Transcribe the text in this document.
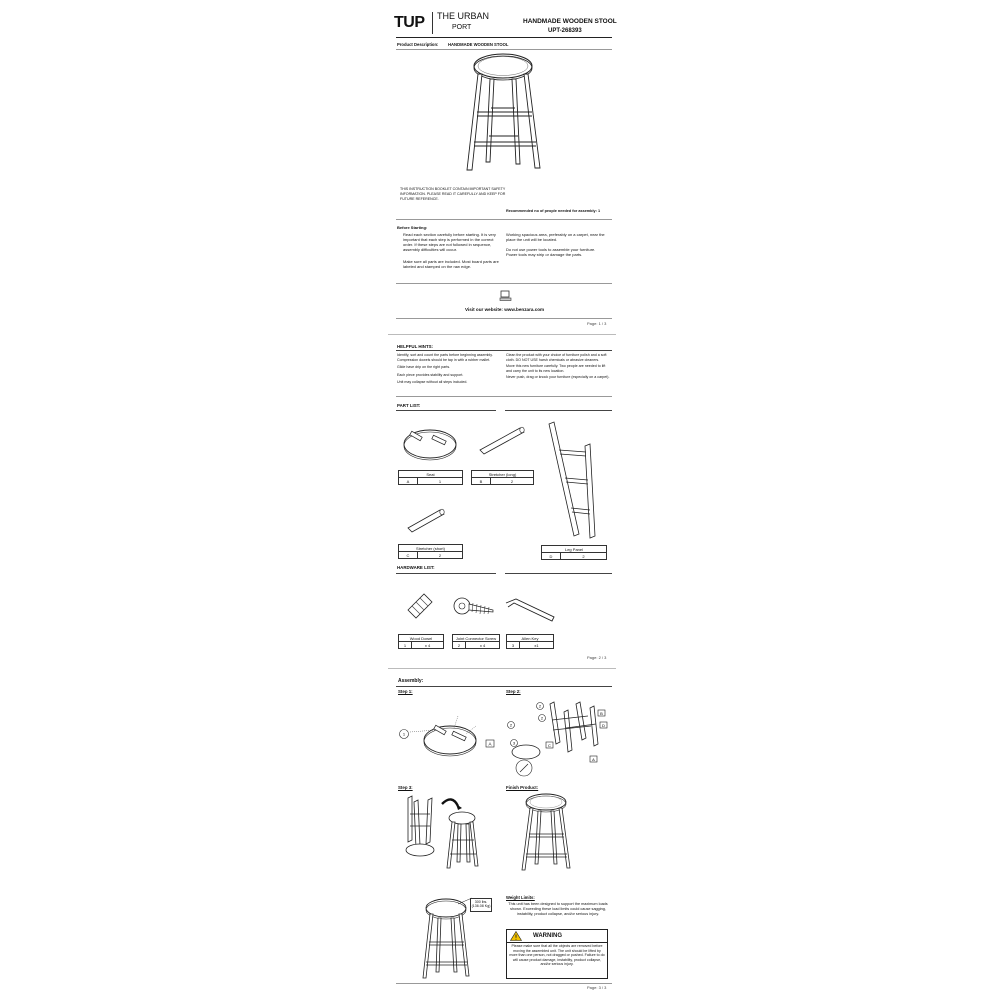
TUP THE URBAN
PORT
HANDMADE WOODEN STOOL
UPT-268393
Product Description: HANDMADE WOODEN STOOL
THIS INSTRUCTION BOOKLET CONTAIN IMPORTANT SAFETY INFORMATION. PLEASE READ IT CAREFULLY AND KEEP FOR FUTURE REFERENCE.
Recommended no of people needed for assembly: 1
Before Starting:
Read each section carefully before starting. It is very important that each step is performed in the correct order. If these steps are not followed in sequence, assembly difficulties will occur.
Make sure all parts are included. Most board parts are labeled and stamped on the raw edge.
Working spacious area, preferably on a carpet, near the place the unit will be located.
Do not use power tools to assemble your furniture. Power tools may strip or damage the parts.
Visit our website: www.benzara.com
Page: 1 / 3
HELPFUL HINTS:
Identify, sort and count the parts before beginning assembly.
Compression dowels should be tap in with a rubber mallet.
Glide have drip on the right parts.
Each piece provides stability and support.
Unit may collapse without all steps included.
Clean the product with your choice of furniture polish and a soft cloth. DO NOT USE harsh chemicals or abrasive cleaners.
Move this new furniture carefully. Two people are needed to lift and carry the unit to its new location.
Never push, drag or knock your furniture (especially on a carpet).
PART LIST:
Seat
A	1
Stretcher (long)
B	2
Leg Panel
D	2
Stretcher (short)
C	2
HARDWARE LIST:
Wood Dowel
1	x 4
Joint Connector Screw
2	x 4
Allen Key
3	x1
Page: 2 / 3
Assembly:
Step 1:	Step 2:
1
A
2
2
3
2
B
D
A
C
Step 3:	Finish Product:
300 lbs. (136.08 Kg)
Weight Limits:
This unit has been designed to support the maximum loads shown. Exceeding these load limits could cause sagging, instability, product collapse, and/or serious injury.
WARNING
Please make sure that all the objects are removed before moving the assembled unit. The unit should be lifted by more than one person, not dragged or pushed. Failure to do will cause product damage, instability, product collapse, and/or serious injury.
Page: 3 / 3
